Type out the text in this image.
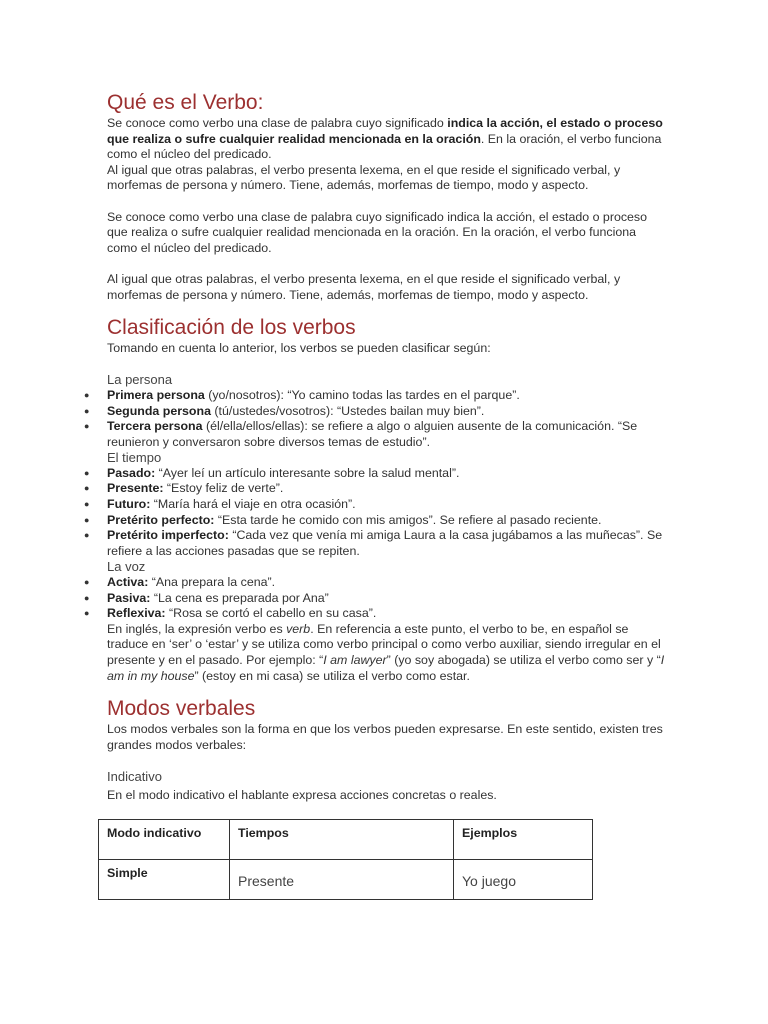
Qué es el Verbo:

Se conoce como verbo una clase de palabra cuyo significado indica la acción, el estado o proceso que realiza o sufre cualquier realidad mencionada en la oración. En la oración, el verbo funciona como el núcleo del predicado.

Al igual que otras palabras, el verbo presenta lexema, en el que reside el significado verbal, y morfemas de persona y número. Tiene, además, morfemas de tiempo, modo y aspecto.

Se conoce como verbo una clase de palabra cuyo significado indica la acción, el estado o proceso que realiza o sufre cualquier realidad mencionada en la oración. En la oración, el verbo funciona como el núcleo del predicado.

Al igual que otras palabras, el verbo presenta lexema, en el que reside el significado verbal, y morfemas de persona y número. Tiene, además, morfemas de tiempo, modo y aspecto.

Clasificación de los verbos

Tomando en cuenta lo anterior, los verbos se pueden clasificar según:

La persona

● Primera persona (yo/nosotros): “Yo camino todas las tardes en el parque”.
● Segunda persona (tú/ustedes/vosotros): “Ustedes bailan muy bien”.
● Tercera persona (él/ella/ellos/ellas): se refiere a algo o alguien ausente de la comunicación. “Se reunieron y conversaron sobre diversos temas de estudio”.

El tiempo

● Pasado: “Ayer leí un artículo interesante sobre la salud mental”.
● Presente: “Estoy feliz de verte”.
● Futuro: “María hará el viaje en otra ocasión”.
● Pretérito perfecto: “Esta tarde he comido con mis amigos”. Se refiere al pasado reciente.
● Pretérito imperfecto: “Cada vez que venía mi amiga Laura a la casa jugábamos a las muñecas”. Se refiere a las acciones pasadas que se repiten.

La voz

● Activa: “Ana prepara la cena”.
● Pasiva: “La cena es preparada por Ana”
● Reflexiva: “Rosa se cortó el cabello en su casa”.

En inglés, la expresión verbo es verb. En referencia a este punto, el verbo to be, en español se traduce en ‘ser’ o ‘estar’ y se utiliza como verbo principal o como verbo auxiliar, siendo irregular en el presente y en el pasado. Por ejemplo: “I am lawyer” (yo soy abogada) se utiliza el verbo como ser y “I am in my house” (estoy en mi casa) se utiliza el verbo como estar.

Modos verbales

Los modos verbales son la forma en que los verbos pueden expresarse. En este sentido, existen tres grandes modos verbales:

Indicativo

En el modo indicativo el hablante expresa acciones concretas o reales.

Modo indicativo	Tiempos	Ejemplos
Simple	Presente	Yo juego
